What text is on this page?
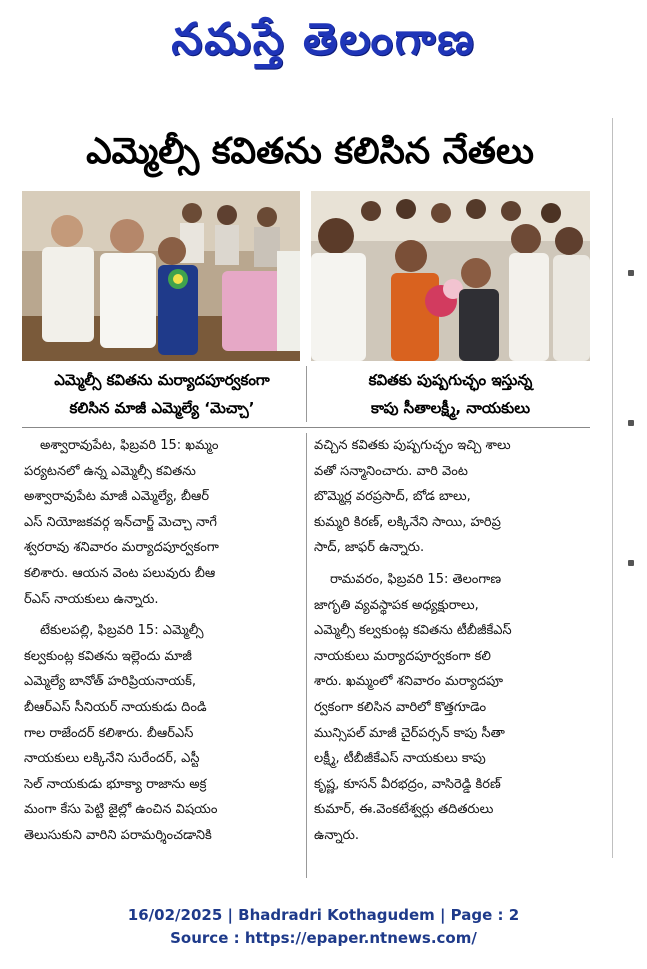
నమస్తే తెలంగాణ
ఎమ్మెల్సీ కవితను కలిసిన నేతలు
ఎమ్మెల్సీ కవితను మర్యాదపూర్వకంగా
కలిసిన మాజీ ఎమ్మెల్యే ‘మెచ్చా’
కవితకు పుష్పగుచ్ఛం ఇస్తున్న
కాపు సీతాలక్ష్మీ, నాయకులు
అశ్వారావుపేట, ఫిబ్రవరి 15: ఖమ్మం
పర్యటనలో ఉన్న ఎమ్మెల్సీ కవితను
అశ్వారావుపేట మాజీ ఎమ్మెల్యే, బీఆర్
ఎస్ నియోజకవర్గ ఇన్‌చార్జ్ మెచ్చా నాగే
శ్వరరావు శనివారం మర్యాదపూర్వకంగా
కలిశారు. ఆయన వెంట పలువురు బీఆ
ర్‌ఎస్ నాయకులు ఉన్నారు.
టేకులపల్లి, ఫిబ్రవరి 15: ఎమ్మెల్సీ
కల్వకుంట్ల కవితను ఇల్లెందు మాజీ
ఎమ్మెల్యే బానోత్ హరిప్రియనాయక్,
బీఆర్‌ఎస్ సీనియర్ నాయకుడు దిండి
గాల రాజేందర్ కలిశారు. బీఆర్‌ఎస్
నాయకులు లక్కినేని సురేందర్, ఎస్టీ
సెల్ నాయకుడు భూక్యా రాజాను అక్ర
మంగా కేసు పెట్టి జైల్లో ఉంచిన విషయం
తెలుసుకుని వారిని పరామర్శించడానికి
వచ్చిన కవితకు పుష్పగుచ్ఛం ఇచ్చి శాలు
వతో సన్మానించారు. వారి వెంట
బొమ్మెర్ల వరప్రసాద్, బోడ బాలు,
కుమ్మరి కిరణ్, లక్కినేని సాయి, హరిప్ర
సాద్, జాఫర్ ఉన్నారు.
రామవరం, ఫిబ్రవరి 15: తెలంగాణ
జాగృతి వ్యవస్థాపక అధ్యక్షురాలు,
ఎమ్మెల్సీ కల్వకుంట్ల కవితను టీబీజీకేఎస్
నాయకులు మర్యాదపూర్వకంగా కలి
శారు. ఖమ్మంలో శనివారం మర్యాదపూ
ర్వకంగా కలిసిన వారిలో కొత్తగూడెం
మున్సిపల్ మాజీ చైర్‌పర్సన్ కాపు సీతా
లక్ష్మీ, టీబీజీకేఎస్ నాయకులు కాపు
కృష్ణ, కూసన్ వీరభద్రం, వాసిరెడ్డి కిరణ్
కుమార్, ఈ.వెంకటేశ్వర్లు తదితరులు
ఉన్నారు.
16/02/2025 | Bhadradri Kothagudem | Page : 2
Source : https://epaper.ntnews.com/
